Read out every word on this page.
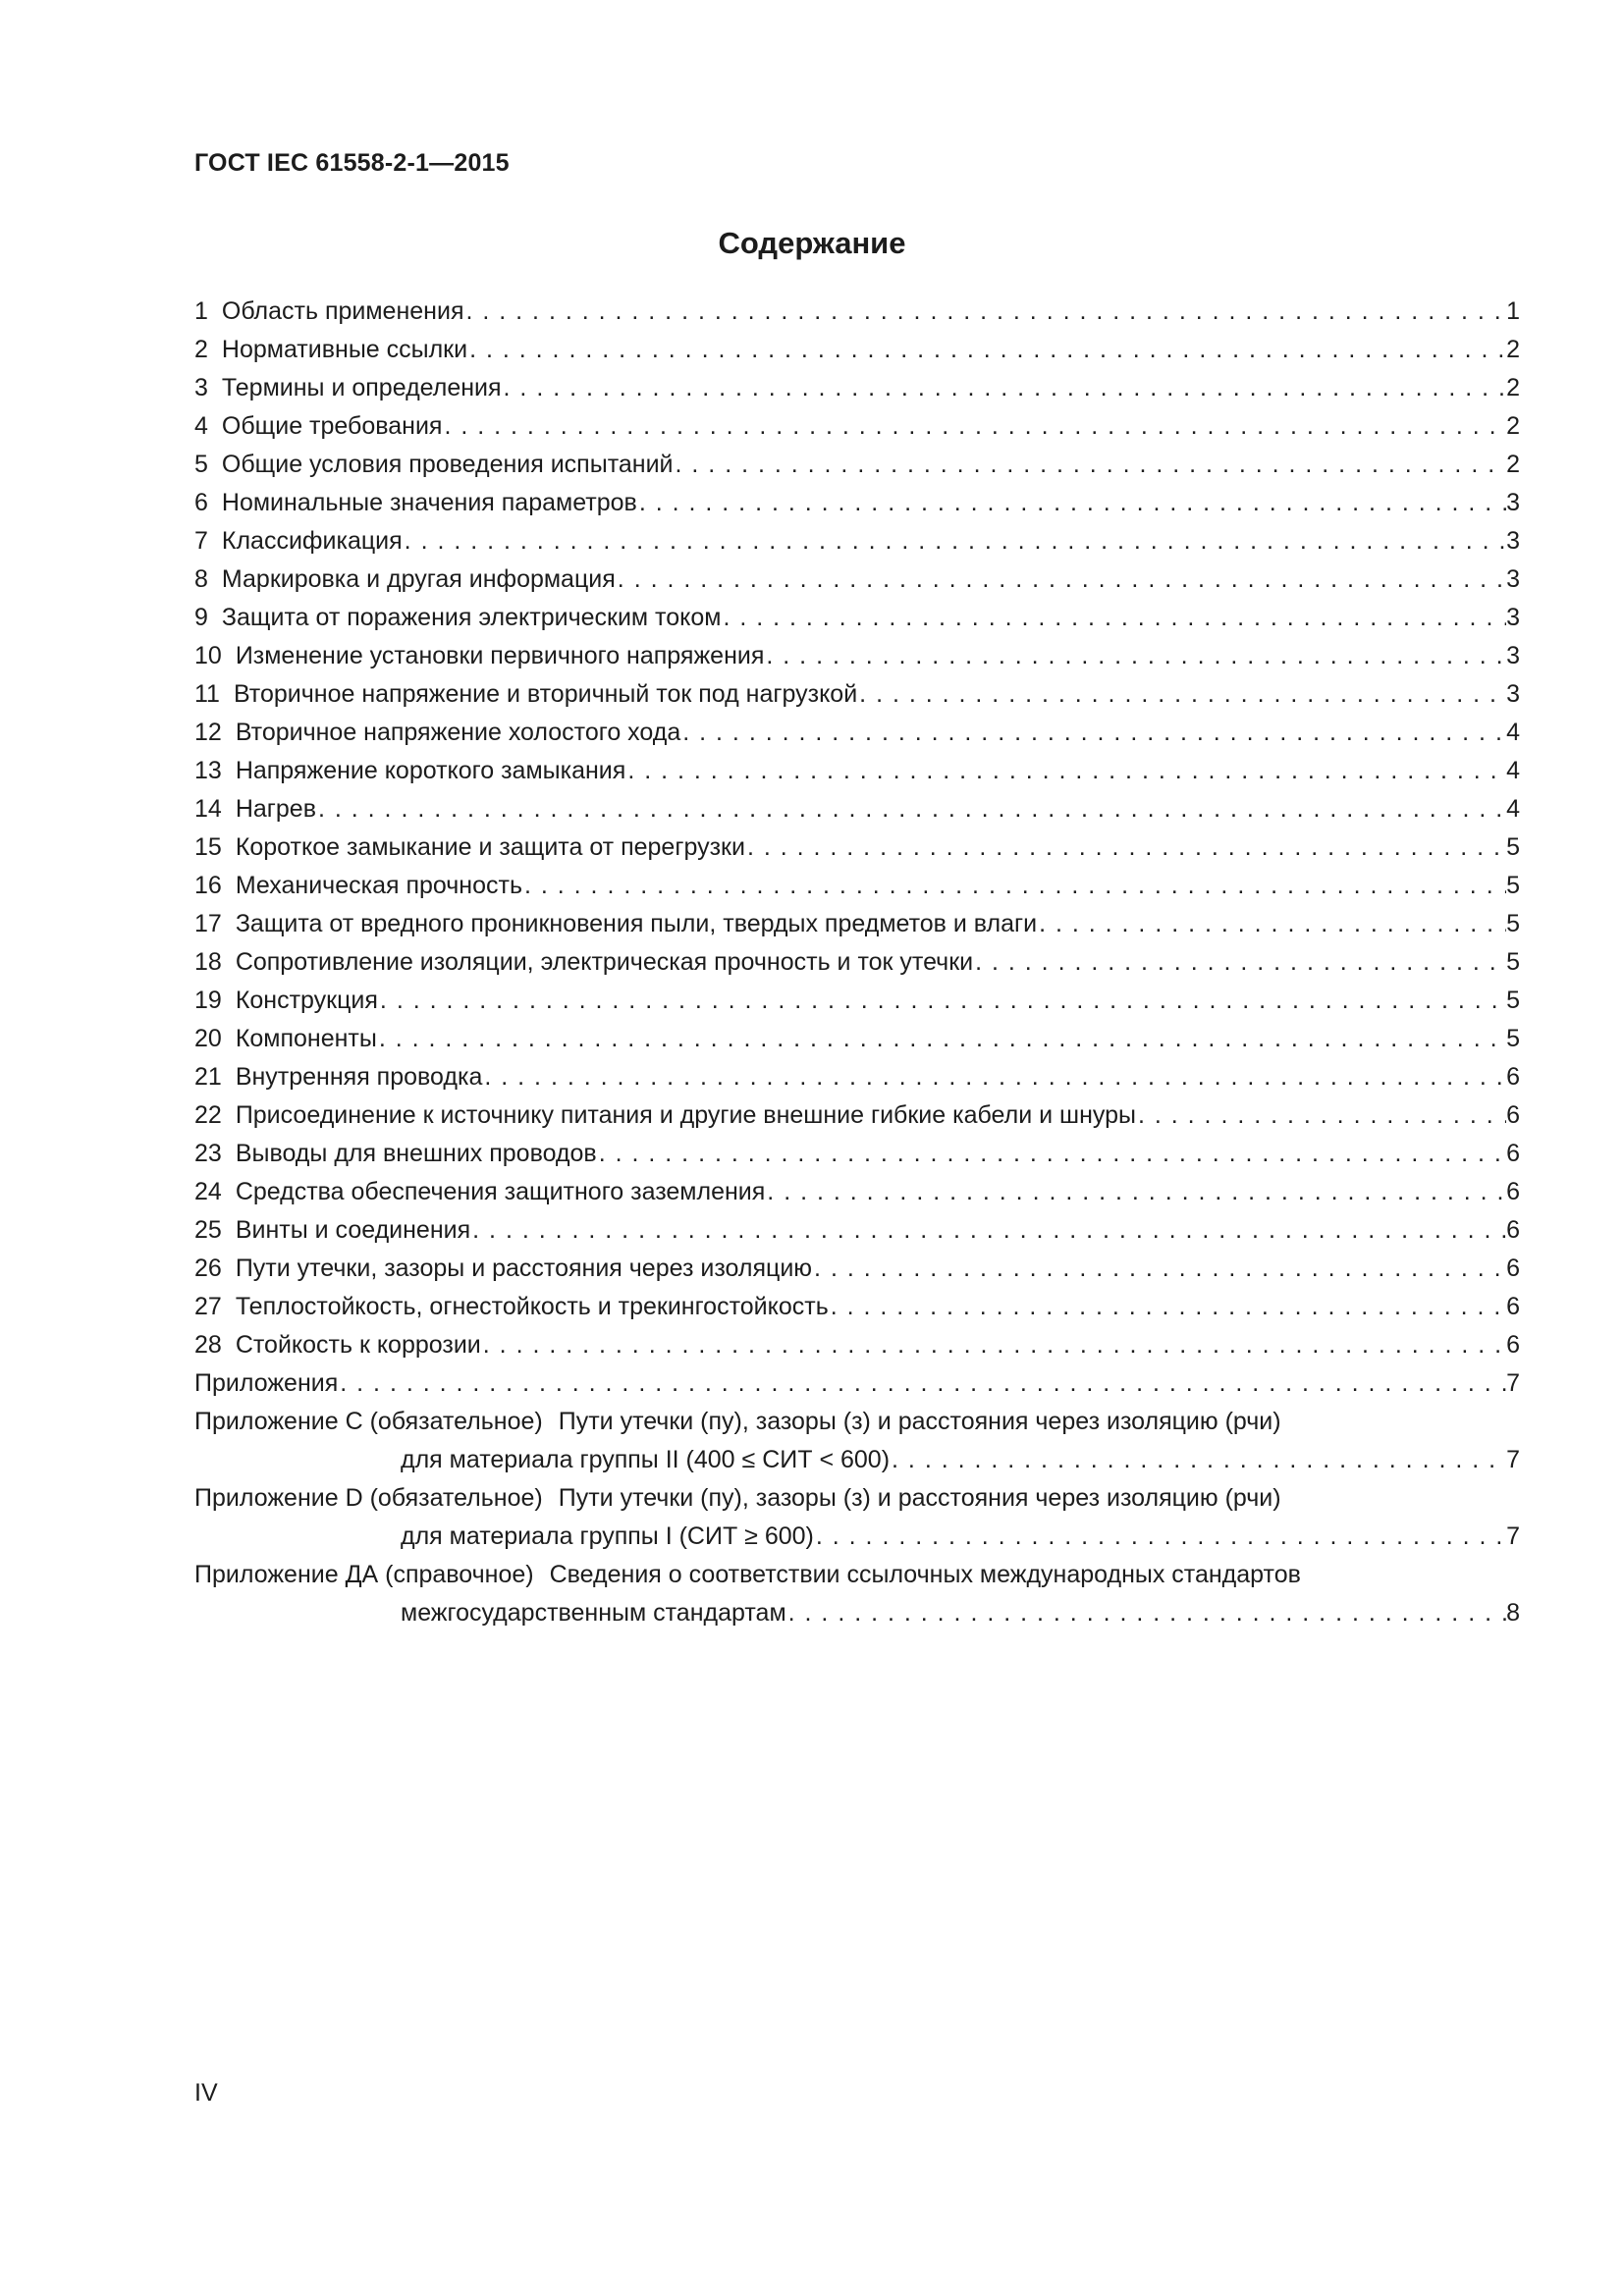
ГОСТ IEC 61558-2-1—2015
Содержание
1 Область применения . . .	1
2 Нормативные ссылки . . .	2
3 Термины и определения . . .	2
4 Общие требования . . .	2
5 Общие условия проведения испытаний . . .	2
6 Номинальные значения параметров . . .	3
7 Классификация . . .	3
8 Маркировка и другая информация . . .	3
9 Защита от поражения электрическим током . . .	3
10 Изменение установки первичного напряжения . . .	3
11 Вторичное напряжение и вторичный ток под нагрузкой . . .	3
12 Вторичное напряжение холостого хода . . .	4
13 Напряжение короткого замыкания . . .	4
14 Нагрев . . .	4
15 Короткое замыкание и защита от перегрузки . . .	5
16 Механическая прочность . . .	5
17 Защита от вредного проникновения пыли, твердых предметов и влаги . . .	5
18 Сопротивление изоляции, электрическая прочность и ток утечки . . .	5
19 Конструкция . . .	5
20 Компоненты . . .	5
21 Внутренняя проводка . . .	6
22 Присоединение к источнику питания и другие внешние гибкие кабели и шнуры . . .	6
23 Выводы для внешних проводов . . .	6
24 Средства обеспечения защитного заземления . . .	6
25 Винты и соединения . . .	6
26 Пути утечки, зазоры и расстояния через изоляцию . . .	6
27 Теплостойкость, огнестойкость и трекингостойкость . . .	6
28 Стойкость к коррозии . . .	6
Приложения . . .	7
Приложение С (обязательное) Пути утечки (пу), зазоры (з) и расстояния через изоляцию (рчи)
для материала группы II (400 ≤ СИТ < 600) . . .	7
Приложение D (обязательное) Пути утечки (пу), зазоры (з) и расстояния через изоляцию (рчи)
для материала группы I (СИТ ≥ 600) . . .	7
Приложение ДА (справочное) Сведения о соответствии ссылочных международных стандартов
межгосударственным стандартам . . .	8
IV
